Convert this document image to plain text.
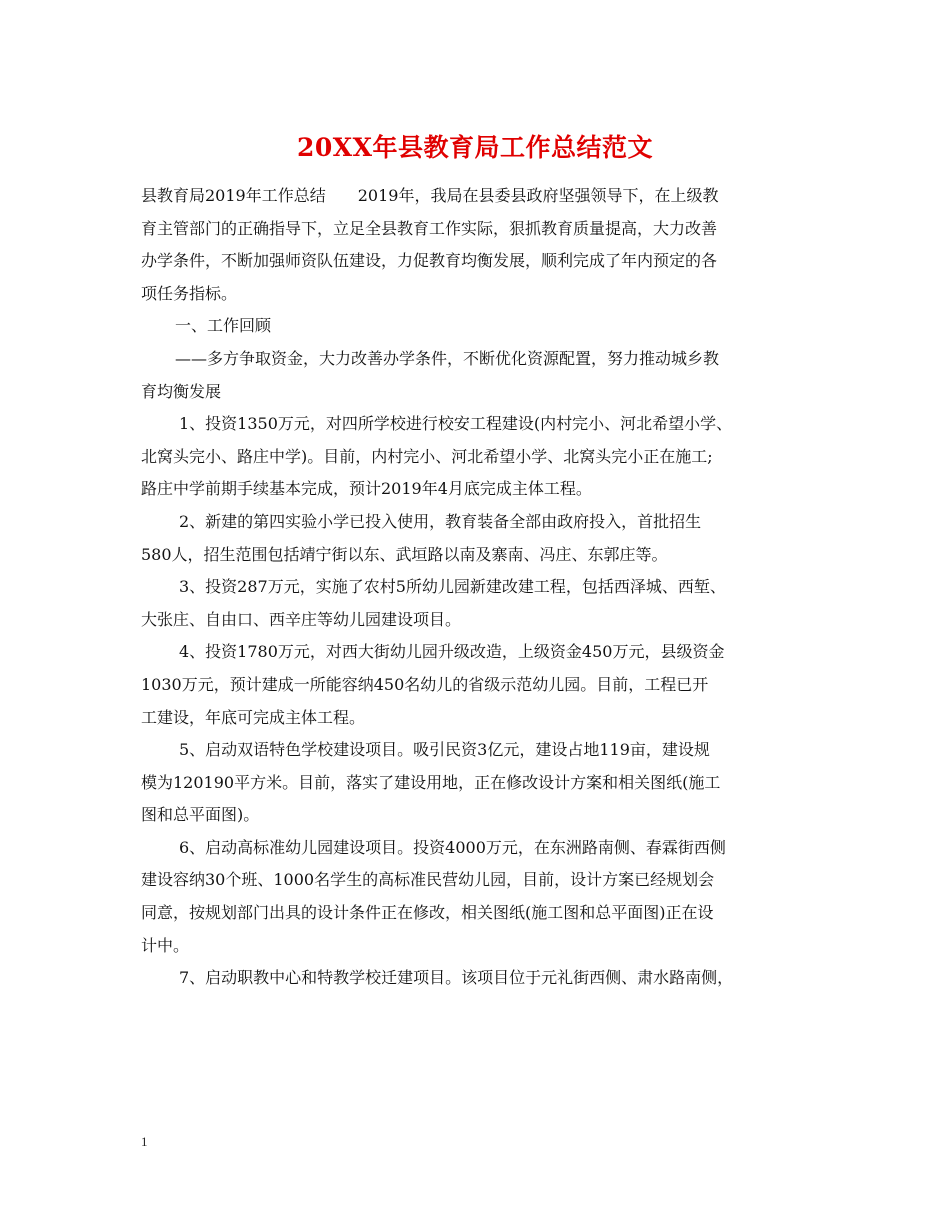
20XX年县教育局工作总结范文
县教育局2019年工作总结　　2019年，我局在县委县政府坚强领导下，在上级教
育主管部门的正确指导下，立足全县教育工作实际，狠抓教育质量提高，大力改善
办学条件，不断加强师资队伍建设，力促教育均衡发展，顺利完成了年内预定的各
项任务指标。
一、工作回顾
——多方争取资金，大力改善办学条件，不断优化资源配置，努力推动城乡教
育均衡发展
1、投资1350万元，对四所学校进行校安工程建设(内村完小、河北希望小学、
北窝头完小、路庄中学)。目前，内村完小、河北希望小学、北窝头完小正在施工;
路庄中学前期手续基本完成，预计2019年4月底完成主体工程。
2、新建的第四实验小学已投入使用，教育装备全部由政府投入，首批招生
580人，招生范围包括靖宁街以东、武垣路以南及寨南、冯庄、东郭庄等。
3、投资287万元，实施了农村5所幼儿园新建改建工程，包括西泽城、西堑、
大张庄、自由口、西辛庄等幼儿园建设项目。
4、投资1780万元，对西大街幼儿园升级改造，上级资金450万元，县级资金
1030万元，预计建成一所能容纳450名幼儿的省级示范幼儿园。目前，工程已开
工建设，年底可完成主体工程。
5、启动双语特色学校建设项目。吸引民资3亿元，建设占地119亩，建设规
模为120190平方米。目前，落实了建设用地，正在修改设计方案和相关图纸(施工
图和总平面图)。
6、启动高标准幼儿园建设项目。投资4000万元，在东洲路南侧、春霖街西侧
建设容纳30个班、1000名学生的高标准民营幼儿园，目前，设计方案已经规划会
同意，按规划部门出具的设计条件正在修改，相关图纸(施工图和总平面图)正在设
计中。
7、启动职教中心和特教学校迁建项目。该项目位于元礼街西侧、肃水路南侧，
1
